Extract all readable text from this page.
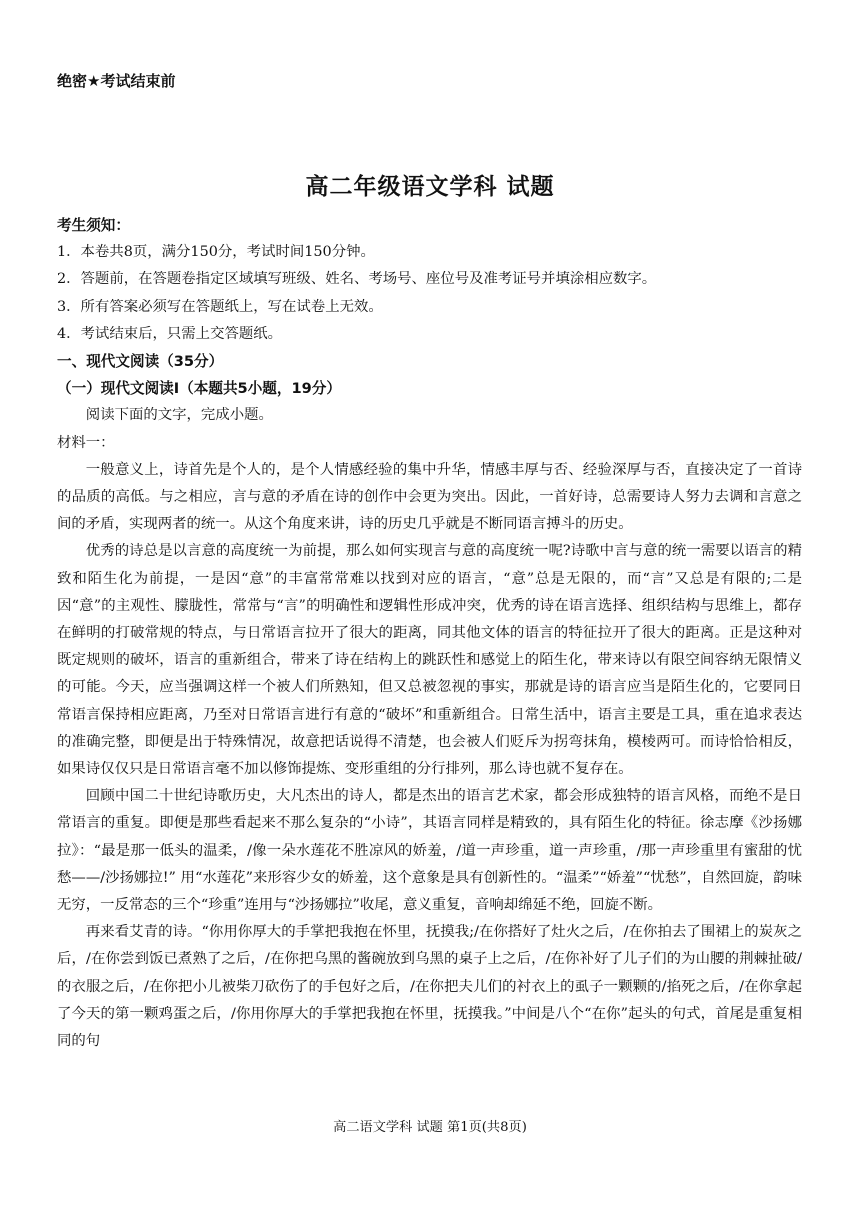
绝密★考试结束前
高二年级语文学科 试题

考生须知：

1．本卷共8页，满分150分，考试时间150分钟。

2．答题前，在答题卷指定区域填写班级、姓名、考场号、座位号及准考证号并填涂相应数字。

3．所有答案必须写在答题纸上，写在试卷上无效。

4．考试结束后，只需上交答题纸。

一、现代文阅读（35分）

（一）现代文阅读Ⅰ（本题共5小题，19分）

阅读下面的文字，完成小题。

材料一：

一般意义上，诗首先是个人的，是个人情感经验的集中升华，情感丰厚与否、经验深厚与否，直接决定了一首诗的品质的高低。与之相应，言与意的矛盾在诗的创作中会更为突出。因此，一首好诗，总需要诗人努力去调和言意之间的矛盾，实现两者的统一。从这个角度来讲，诗的历史几乎就是不断同语言搏斗的历史。

优秀的诗总是以言意的高度统一为前提，那么如何实现言与意的高度统一呢?诗歌中言与意的统一需要以语言的精致和陌生化为前提，一是因“意”的丰富常常难以找到对应的语言，“意”总是无限的，而“言”又总是有限的;二是因“意”的主观性、朦胧性，常常与“言”的明确性和逻辑性形成冲突，优秀的诗在语言选择、组织结构与思维上，都存在鲜明的打破常规的特点，与日常语言拉开了很大的距离，同其他文体的语言的特征拉开了很大的距离。正是这种对既定规则的破坏，语言的重新组合，带来了诗在结构上的跳跃性和感觉上的陌生化，带来诗以有限空间容纳无限情义的可能。今天，应当强调这样一个被人们所熟知，但又总被忽视的事实，那就是诗的语言应当是陌生化的，它要同日常语言保持相应距离，乃至对日常语言进行有意的“破坏”和重新组合。日常生活中，语言主要是工具，重在追求表达的准确完整，即便是出于特殊情况，故意把话说得不清楚，也会被人们贬斥为拐弯抹角，模棱两可。而诗恰恰相反，如果诗仅仅只是日常语言毫不加以修饰提炼、变形重组的分行排列，那么诗也就不复存在。

回顾中国二十世纪诗歌历史，大凡杰出的诗人，都是杰出的语言艺术家，都会形成独特的语言风格，而绝不是日常语言的重复。即便是那些看起来不那么复杂的“小诗”，其语言同样是精致的，具有陌生化的特征。徐志摩《沙扬娜拉》：“最是那一低头的温柔，/像一朵水莲花不胜凉风的娇羞，/道一声珍重，道一声珍重，/那一声珍重里有蜜甜的忧愁——/沙扬娜拉!” 用“水莲花”来形容少女的娇羞，这个意象是具有创新性的。“温柔”“娇羞”“忧愁”，自然回旋，韵味无穷，一反常态的三个“珍重”连用与“沙扬娜拉”收尾，意义重复，音响却绵延不绝，回旋不断。

再来看艾青的诗。“你用你厚大的手掌把我抱在怀里，抚摸我;/在你搭好了灶火之后，/在你拍去了围裙上的炭灰之后，/在你尝到饭已煮熟了之后，/在你把乌黑的酱碗放到乌黑的桌子上之后，/在你补好了儿子们的为山腰的荆棘扯破/的衣服之后，/在你把小儿被柴刀砍伤了的手包好之后，/在你把夫儿们的衬衣上的虱子一颗颗的/掐死之后，/在你拿起了今天的第一颗鸡蛋之后，/你用你厚大的手掌把我抱在怀里，抚摸我。”中间是八个“在你”起头的句式，首尾是重复相同的句

高二语文学科 试题 第1页(共8页)
